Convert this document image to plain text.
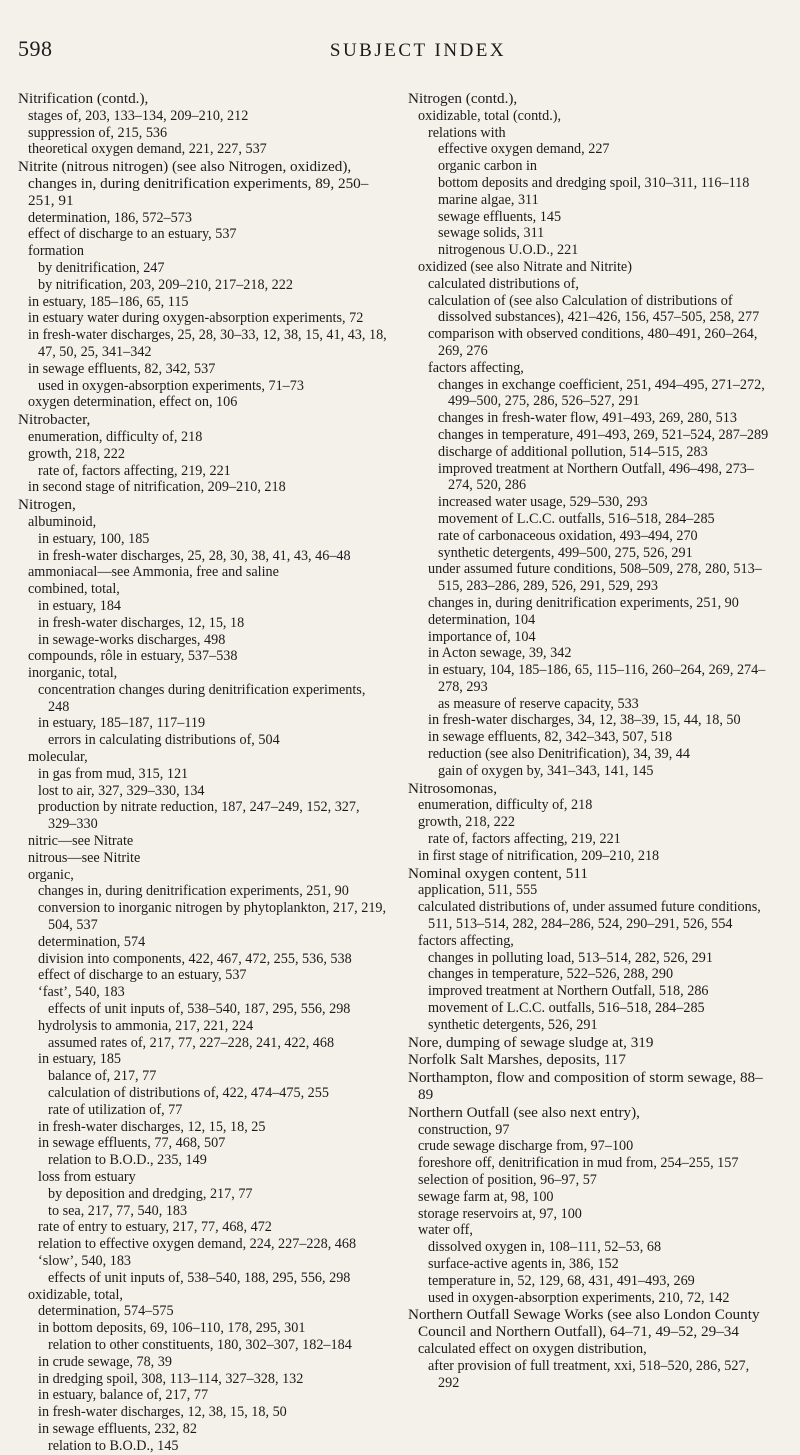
598	SUBJECT INDEX
Nitrification (contd.),
stages of, 203, 133–134, 209–210, 212
suppression of, 215, 536
theoretical oxygen demand, 221, 227, 537
Nitrite (nitrous nitrogen) (see also Nitrogen, oxidized), changes in, during denitrification experiments, 89, 250–251, 91
determination, 186, 572–573
effect of discharge to an estuary, 537
formation
by denitrification, 247
by nitrification, 203, 209–210, 217–218, 222
in estuary, 185–186, 65, 115
in estuary water during oxygen-absorption experiments, 72
in fresh-water discharges, 25, 28, 30–33, 12, 38, 15, 41, 43, 18, 47, 50, 25, 341–342
in sewage effluents, 82, 342, 537
used in oxygen-absorption experiments, 71–73
oxygen determination, effect on, 106
Nitrobacter,
enumeration, difficulty of, 218
growth, 218, 222
rate of, factors affecting, 219, 221
in second stage of nitrification, 209–210, 218
Nitrogen,
albuminoid,
in estuary, 100, 185
in fresh-water discharges, 25, 28, 30, 38, 41, 43, 46–48
ammoniacal—see Ammonia, free and saline
combined, total,
in estuary, 184
in fresh-water discharges, 12, 15, 18
in sewage-works discharges, 498
compounds, rôle in estuary, 537–538
inorganic, total,
concentration changes during denitrification experiments, 248
in estuary, 185–187, 117–119
errors in calculating distributions of, 504
molecular,
in gas from mud, 315, 121
lost to air, 327, 329–330, 134
production by nitrate reduction, 187, 247–249, 152, 327, 329–330
nitric—see Nitrate
nitrous—see Nitrite
organic,
changes in, during denitrification experiments, 251, 90
conversion to inorganic nitrogen by phytoplankton, 217, 219, 504, 537
determination, 574
division into components, 422, 467, 472, 255, 536, 538
effect of discharge to an estuary, 537
‘fast’, 540, 183
effects of unit inputs of, 538–540, 187, 295, 556, 298
hydrolysis to ammonia, 217, 221, 224
assumed rates of, 217, 77, 227–228, 241, 422, 468
in estuary, 185
balance of, 217, 77
calculation of distributions of, 422, 474–475, 255
rate of utilization of, 77
in fresh-water discharges, 12, 15, 18, 25
in sewage effluents, 77, 468, 507
relation to B.O.D., 235, 149
loss from estuary
by deposition and dredging, 217, 77
to sea, 217, 77, 540, 183
rate of entry to estuary, 217, 77, 468, 472
relation to effective oxygen demand, 224, 227–228, 468
‘slow’, 540, 183
effects of unit inputs of, 538–540, 188, 295, 556, 298
oxidizable, total,
determination, 574–575
in bottom deposits, 69, 106–110, 178, 295, 301
relation to other constituents, 180, 302–307, 182–184
in crude sewage, 78, 39
in dredging spoil, 308, 113–114, 327–328, 132
in estuary, balance of, 217, 77
in fresh-water discharges, 12, 38, 15, 18, 50
in sewage effluents, 232, 82
relation to B.O.D., 145
Nitrogen (contd.),
oxidizable, total (contd.),
relations with
effective oxygen demand, 227
organic carbon in
bottom deposits and dredging spoil, 310–311, 116–118
marine algae, 311
sewage effluents, 145
sewage solids, 311
nitrogenous U.O.D., 221
oxidized (see also Nitrate and Nitrite)
calculated distributions of,
calculation of (see also Calculation of distributions of dissolved substances), 421–426, 156, 457–505, 258, 277
comparison with observed conditions, 480–491, 260–264, 269, 276
factors affecting,
changes in exchange coefficient, 251, 494–495, 271–272, 499–500, 275, 286, 526–527, 291
changes in fresh-water flow, 491–493, 269, 280, 513
changes in temperature, 491–493, 269, 521–524, 287–289
discharge of additional pollution, 514–515, 283
improved treatment at Northern Outfall, 496–498, 273–274, 520, 286
increased water usage, 529–530, 293
movement of L.C.C. outfalls, 516–518, 284–285
rate of carbonaceous oxidation, 493–494, 270
synthetic detergents, 499–500, 275, 526, 291
under assumed future conditions, 508–509, 278, 280, 513–515, 283–286, 289, 526, 291, 529, 293
changes in, during denitrification experiments, 251, 90
determination, 104
importance of, 104
in Acton sewage, 39, 342
in estuary, 104, 185–186, 65, 115–116, 260–264, 269, 274–278, 293
as measure of reserve capacity, 533
in fresh-water discharges, 34, 12, 38–39, 15, 44, 18, 50
in sewage effluents, 82, 342–343, 507, 518
reduction (see also Denitrification), 34, 39, 44
gain of oxygen by, 341–343, 141, 145
Nitrosomonas,
enumeration, difficulty of, 218
growth, 218, 222
rate of, factors affecting, 219, 221
in first stage of nitrification, 209–210, 218
Nominal oxygen content, 511
application, 511, 555
calculated distributions of, under assumed future conditions, 511, 513–514, 282, 284–286, 524, 290–291, 526, 554
factors affecting,
changes in polluting load, 513–514, 282, 526, 291
changes in temperature, 522–526, 288, 290
improved treatment at Northern Outfall, 518, 286
movement of L.C.C. outfalls, 516–518, 284–285
synthetic detergents, 526, 291
Nore, dumping of sewage sludge at, 319
Norfolk Salt Marshes, deposits, 117
Northampton, flow and composition of storm sewage, 88–89
Northern Outfall (see also next entry),
construction, 97
crude sewage discharge from, 97–100
foreshore off, denitrification in mud from, 254–255, 157
selection of position, 96–97, 57
sewage farm at, 98, 100
storage reservoirs at, 97, 100
water off,
dissolved oxygen in, 108–111, 52–53, 68
surface-active agents in, 386, 152
temperature in, 52, 129, 68, 431, 491–493, 269
used in oxygen-absorption experiments, 210, 72, 142
Northern Outfall Sewage Works (see also London County Council and Northern Outfall), 64–71, 49–52, 29–34
calculated effect on oxygen distribution,
after provision of full treatment, xxi, 518–520, 286, 527, 292
